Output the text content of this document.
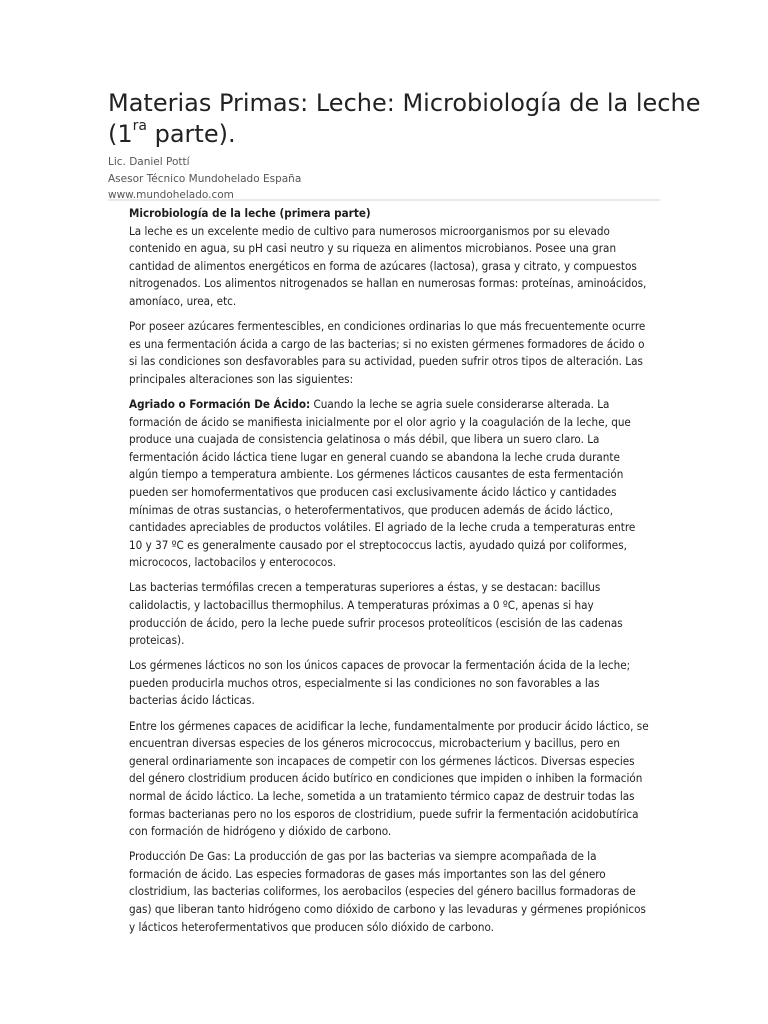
Materias Primas: Leche: Microbiología de la leche ($1^{ra}$ parte).
Lic. Daniel Pottí
Asesor Técnico Mundohelado España
www.mundohelado.com

Microbiología de la leche (primera parte)

La leche es un excelente medio de cultivo para numerosos microorganismos por su elevado contenido en agua, su pH casi neutro y su riqueza en alimentos microbianos. Posee una gran cantidad de alimentos energéticos en forma de azúcares (lactosa), grasa y citrato, y compuestos nitrogenados. Los alimentos nitrogenados se hallan en numerosas formas: proteínas, aminoácidos, amoníaco, urea, etc.

Por poseer azúcares fermentescibles, en condiciones ordinarias lo que más frecuentemente ocurre es una fermentación ácida a cargo de las bacterias; si no existen gérmenes formadores de ácido o si las condiciones son desfavorables para su actividad, pueden sufrir otros tipos de alteración. Las principales alteraciones son las siguientes:

Agriado o Formación De Ácido: Cuando la leche se agria suele considerarse alterada. La formación de ácido se manifiesta inicialmente por el olor agrio y la coagulación de la leche, que produce una cuajada de consistencia gelatinosa o más débil, que libera un suero claro. La fermentación ácido láctica tiene lugar en general cuando se abandona la leche cruda durante algún tiempo a temperatura ambiente. Los gérmenes lácticos causantes de esta fermentación pueden ser homofermentativos que producen casi exclusivamente ácido láctico y cantidades mínimas de otras sustancias, o heterofermentativos, que producen además de ácido láctico, cantidades apreciables de productos volátiles. El agriado de la leche cruda a temperaturas entre 10 y 37 ºC es generalmente causado por el streptococcus lactis, ayudado quizá por coliformes, micrococos, lactobacilos y enterococos.

Las bacterias termófilas crecen a temperaturas superiores a éstas, y se destacan: bacillus calidolactis, y lactobacillus thermophilus. A temperaturas próximas a 0 ºC, apenas si hay producción de ácido, pero la leche puede sufrir procesos proteolíticos (escisión de las cadenas proteicas).

Los gérmenes lácticos no son los únicos capaces de provocar la fermentación ácida de la leche; pueden producirla muchos otros, especialmente si las condiciones no son favorables a las bacterias ácido lácticas.

Entre los gérmenes capaces de acidificar la leche, fundamentalmente por producir ácido láctico, se encuentran diversas especies de los géneros micrococcus, microbacterium y bacillus, pero en general ordinariamente son incapaces de competir con los gérmenes lácticos. Diversas especies del género clostridium producen ácido butírico en condiciones que impiden o inhiben la formación normal de ácido láctico. La leche, sometida a un tratamiento térmico capaz de destruir todas las formas bacterianas pero no los esporos de clostridium, puede sufrir la fermentación acidobutírica con formación de hidrógeno y dióxido de carbono.

Producción De Gas: La producción de gas por las bacterias va siempre acompañada de la formación de ácido. Las especies formadoras de gases más importantes son las del género clostridium, las bacterias coliformes, los aerobacilos (especies del género bacillus formadoras de gas) que liberan tanto hidrógeno como dióxido de carbono y las levaduras y gérmenes propiónicos y lácticos heterofermentativos que producen sólo dióxido de carbono.
